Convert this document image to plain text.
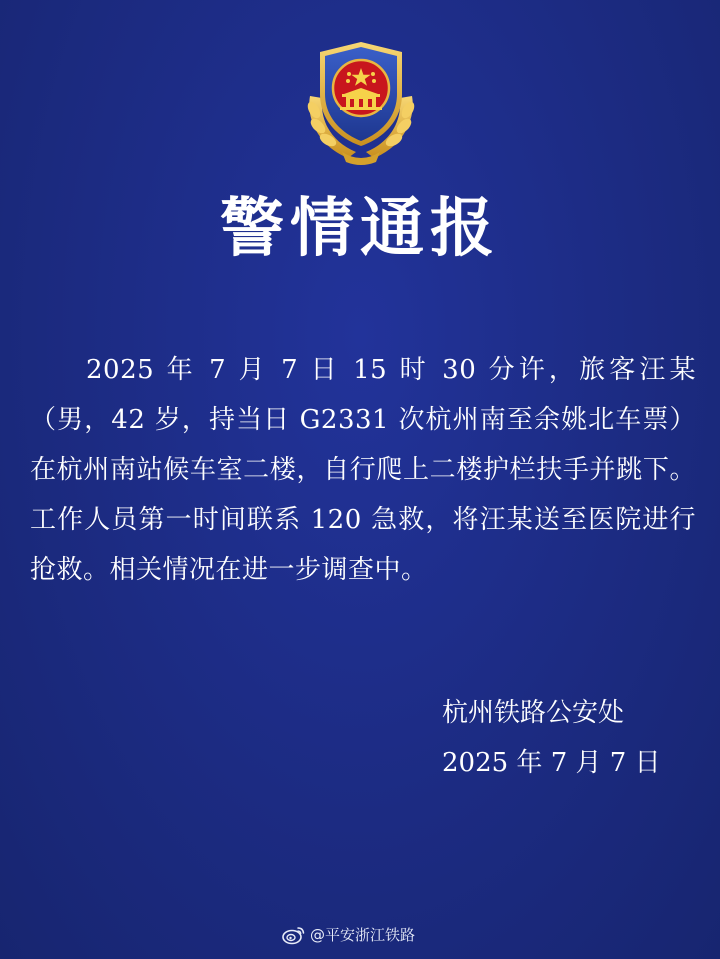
警情通报
2025 年 7 月 7 日 15 时 30 分许，旅客汪某（男，42 岁，持当日 G2331 次杭州南至余姚北车票）在杭州南站候车室二楼，自行爬上二楼护栏扶手并跳下。工作人员第一时间联系 120 急救，将汪某送至医院进行抢救。相关情况在进一步调查中。
杭州铁路公安处
2025 年 7 月 7 日
@平安浙江铁路
